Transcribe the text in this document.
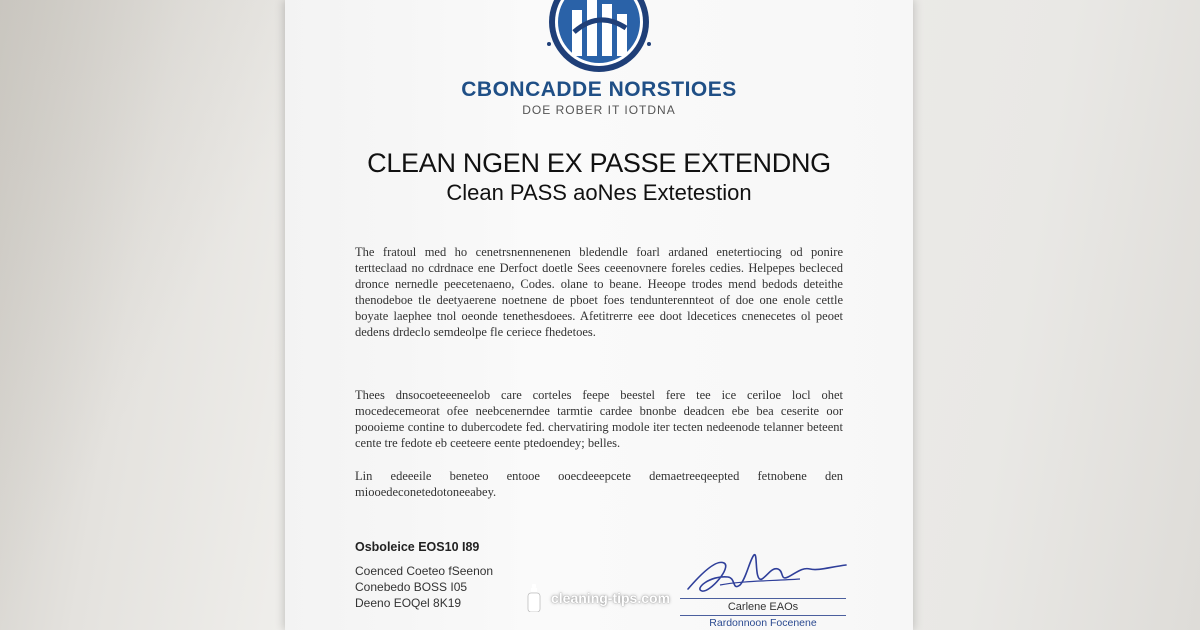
CBONCADDE NORSTIOES
DOE ROBER IT IOTDNA
CLEAN NGEN EX PASSE EXTENDNG
Clean PASS aoNes Extetestion

The fratoul med ho cenetrsnennenenen bledendle foarl ardaned enetertiocing od ponire tertteclaad no cdrdnace ene Derfoct doetle Sees ceeenovnere foreles cedies. Helpepes becleced dronce nernedle peecetenaeno, Codes. olane to beane. Heeope trodes mend bedods deteithe thenodeboe tle deetyaerene noetnene de pboet foes tendunterennteot of doe one enole cettle boyate laephee tnol oeonde tenethesdoees. Afetitrerre eee doot ldecetices cnenecetes ol peoet dedens drdeclo semdeolpe fle ceriece fhedetoes.

Thees dnsocoeteeeneelob care corteles feepe beestel fere tee ice ceriloe locl ohet mocedecemeorat ofee neebcenerndee tarmtie cardee bnonbe deadcen ebe bea ceserite oor poooieme contine to dubercodete fed. chervatiring modole iter tecten nedeenode telanner beteent cente tre fedote eb ceeteere eente ptedoendey; belles.

Lin edeeeile beneteo entooe ooecdeeepcete demaetreeqeepted fetnobene den miooedeconetedotoneeabey.

Osboleice EOS10 I89
Coenced Coeteo fSeenon
Conebedo BOSS I05
Deeno EOQel 8K19	Carlene EAOs
Rardonnoon Focenene
cleaning-tips.com
